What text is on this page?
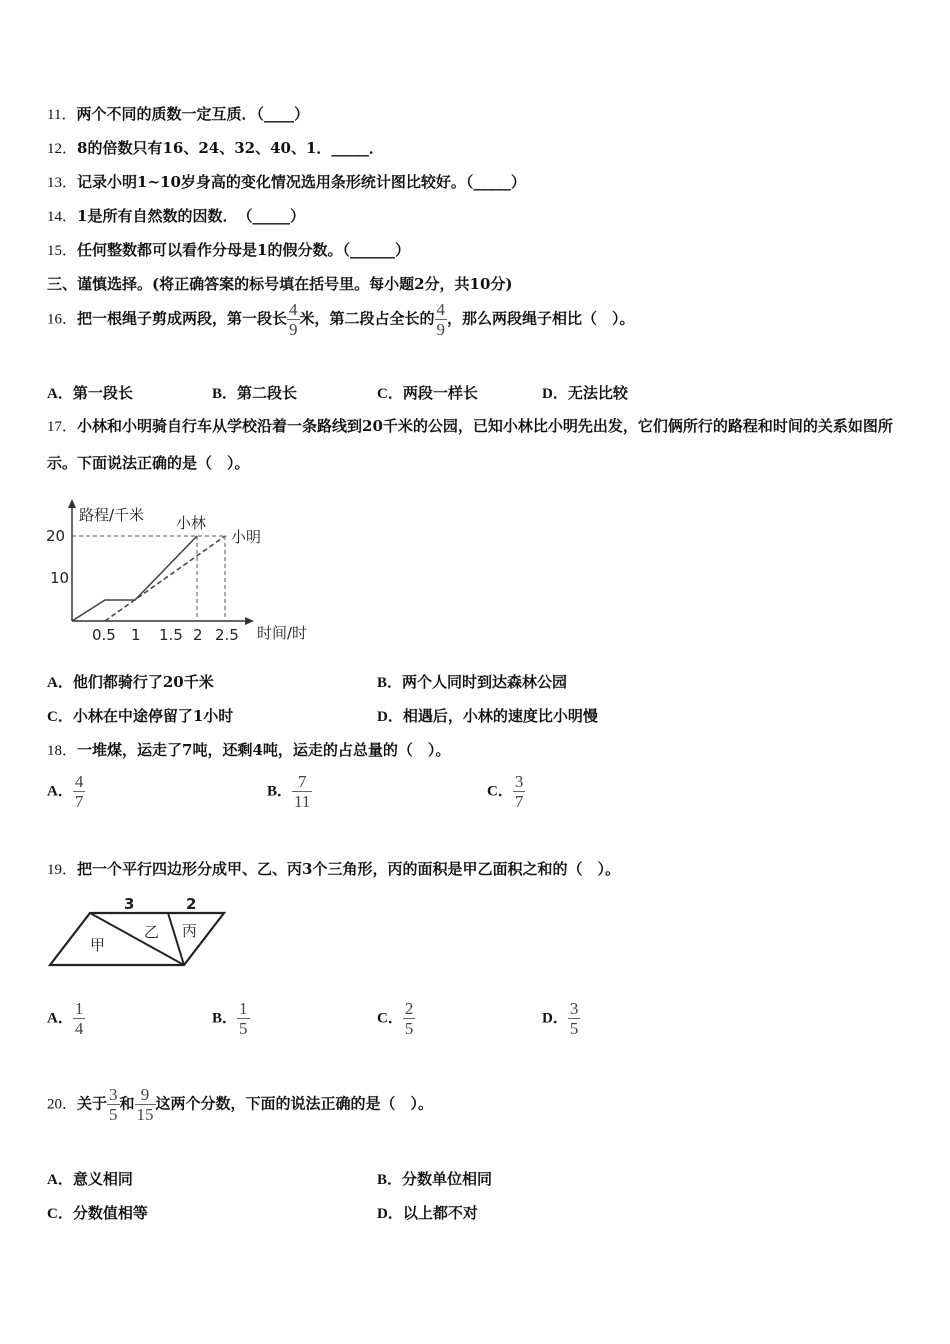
11．两个不同的质数一定互质．（____）
12．8的倍数只有16、24、32、40、1．_____．
13．记录小明1~10岁身高的变化情况选用条形统计图比较好。（_____）
14．1是所有自然数的因数．　（_____）
15．任何整数都可以看作分母是1的假分数。（______）
三、谨慎选择。(将正确答案的标号填在括号里。每小题2分，共10分)
16．把一根绳子剪成两段，第一段长 $\frac{4}{9}$ 米，第二段占全长的 $\frac{4}{9}$ ，那么两段绳子相比（　）。
A．第一段长	B．第二段长	C．两段一样长	D．无法比较
17．小林和小明骑自行车从学校沿着一条路线到20千米的公园，已知小林比小明先出发，它们俩所行的路程和时间的关系如图所示。下面说法正确的是（　）。
路程/千米
时间/时
20
10
0.5 1 1.5 2 2.5
小林
小明
A．他们都骑行了20千米	B．两个人同时到达森林公园
C．小林在中途停留了1小时	D．相遇后，小林的速度比小明慢
18．一堆煤，运走了7吨，还剩4吨，运走的占总量的（　）。
A． $\frac{4}{7}$	B． $\frac{7}{11}$	C． $\frac{3}{7}$
19．把一个平行四边形分成甲、乙、丙3个三角形，丙的面积是甲乙面积之和的（　）。
3	2
甲
乙 丙
A． $\frac{1}{4}$	B． $\frac{1}{5}$	C． $\frac{2}{5}$	D． $\frac{3}{5}$
20．关于 $\frac{3}{5}$ 和 $\frac{9}{15}$ 这两个分数，下面的说法正确的是（　）。
A．意义相同	B．分数单位相同
C．分数值相等	D．以上都不对
